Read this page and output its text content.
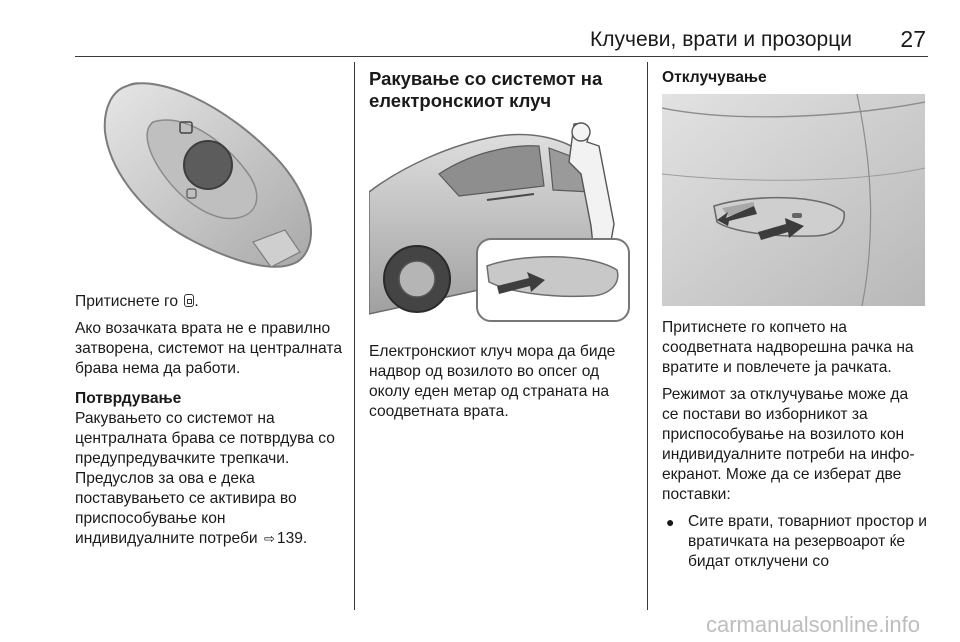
Клучеви, врати и прозорци 27

Притиснете го .

Ако возачката врата не е правилно затворена, системот на централната брава нема да работи.

Потврдување

Ракувањето со системот на централната брава се потврдува со предупредувачките трепкачи. Предуслов за ова е дека поставувањето се активира во приспособување кон индивидуалните потреби ⇨ 139.

Ракување со системот на електронскиот клуч

Електронскиот клуч мора да биде надвор од возилото во опсег од околу еден метар од страната на соодветната врата.

Отклучување

Притиснете го копчето на соодветната надворешна рачка на вратите и повлечете ја рачката.

Режимот за отклучување може да се постави во изборникот за приспособување на возилото кон индивидуалните потреби на инфо-екранот. Може да се изберат две поставки:

● Сите врати, товарниот простор и вратичката на резервоарот ќе бидат отклучени со
carmanualsonline.info
